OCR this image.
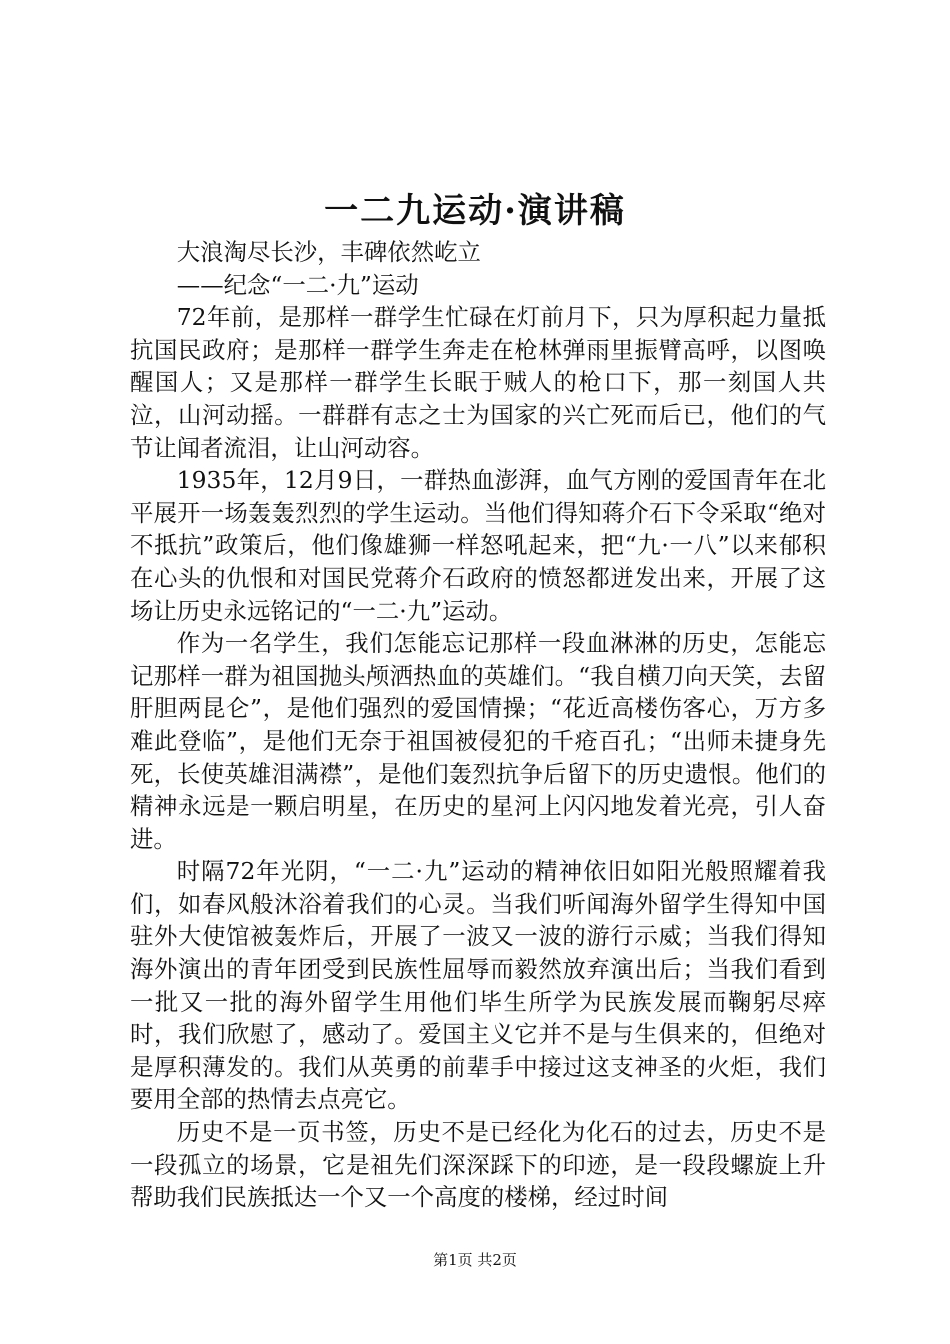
一二九运动·演讲稿

大浪淘尽长沙，丰碑依然屹立

——纪念“一二·九”运动

72年前，是那样一群学生忙碌在灯前月下，只为厚积起力量抵抗国民政府；是那样一群学生奔走在枪林弹雨里振臂高呼，以图唤醒国人；又是那样一群学生长眠于贼人的枪口下，那一刻国人共泣，山河动摇。一群群有志之士为国家的兴亡死而后已，他们的气节让闻者流泪，让山河动容。

1935年，12月9日，一群热血澎湃，血气方刚的爱国青年在北平展开一场轰轰烈烈的学生运动。当他们得知蒋介石下令采取“绝对不抵抗”政策后，他们像雄狮一样怒吼起来，把“九·一八”以来郁积在心头的仇恨和对国民党蒋介石政府的愤怒都迸发出来，开展了这场让历史永远铭记的“一二·九”运动。

作为一名学生，我们怎能忘记那样一段血淋淋的历史，怎能忘记那样一群为祖国抛头颅洒热血的英雄们。“我自横刀向天笑，去留肝胆两昆仑”，是他们强烈的爱国情操；“花近高楼伤客心，万方多难此登临”，是他们无奈于祖国被侵犯的千疮百孔；“出师未捷身先死，长使英雄泪满襟”，是他们轰烈抗争后留下的历史遗恨。他们的精神永远是一颗启明星，在历史的星河上闪闪地发着光亮，引人奋进。

时隔72年光阴，“一二·九”运动的精神依旧如阳光般照耀着我们，如春风般沐浴着我们的心灵。当我们听闻海外留学生得知中国驻外大使馆被轰炸后，开展了一波又一波的游行示威；当我们得知海外演出的青年团受到民族性屈辱而毅然放弃演出后；当我们看到一批又一批的海外留学生用他们毕生所学为民族发展而鞠躬尽瘁时，我们欣慰了，感动了。爱国主义它并不是与生俱来的，但绝对是厚积薄发的。我们从英勇的前辈手中接过这支神圣的火炬，我们要用全部的热情去点亮它。

历史不是一页书签，历史不是已经化为化石的过去，历史不是一段孤立的场景，它是祖先们深深踩下的印迹，是一段段螺旋上升帮助我们民族抵达一个又一个高度的楼梯，经过时间

第1页 共2页
